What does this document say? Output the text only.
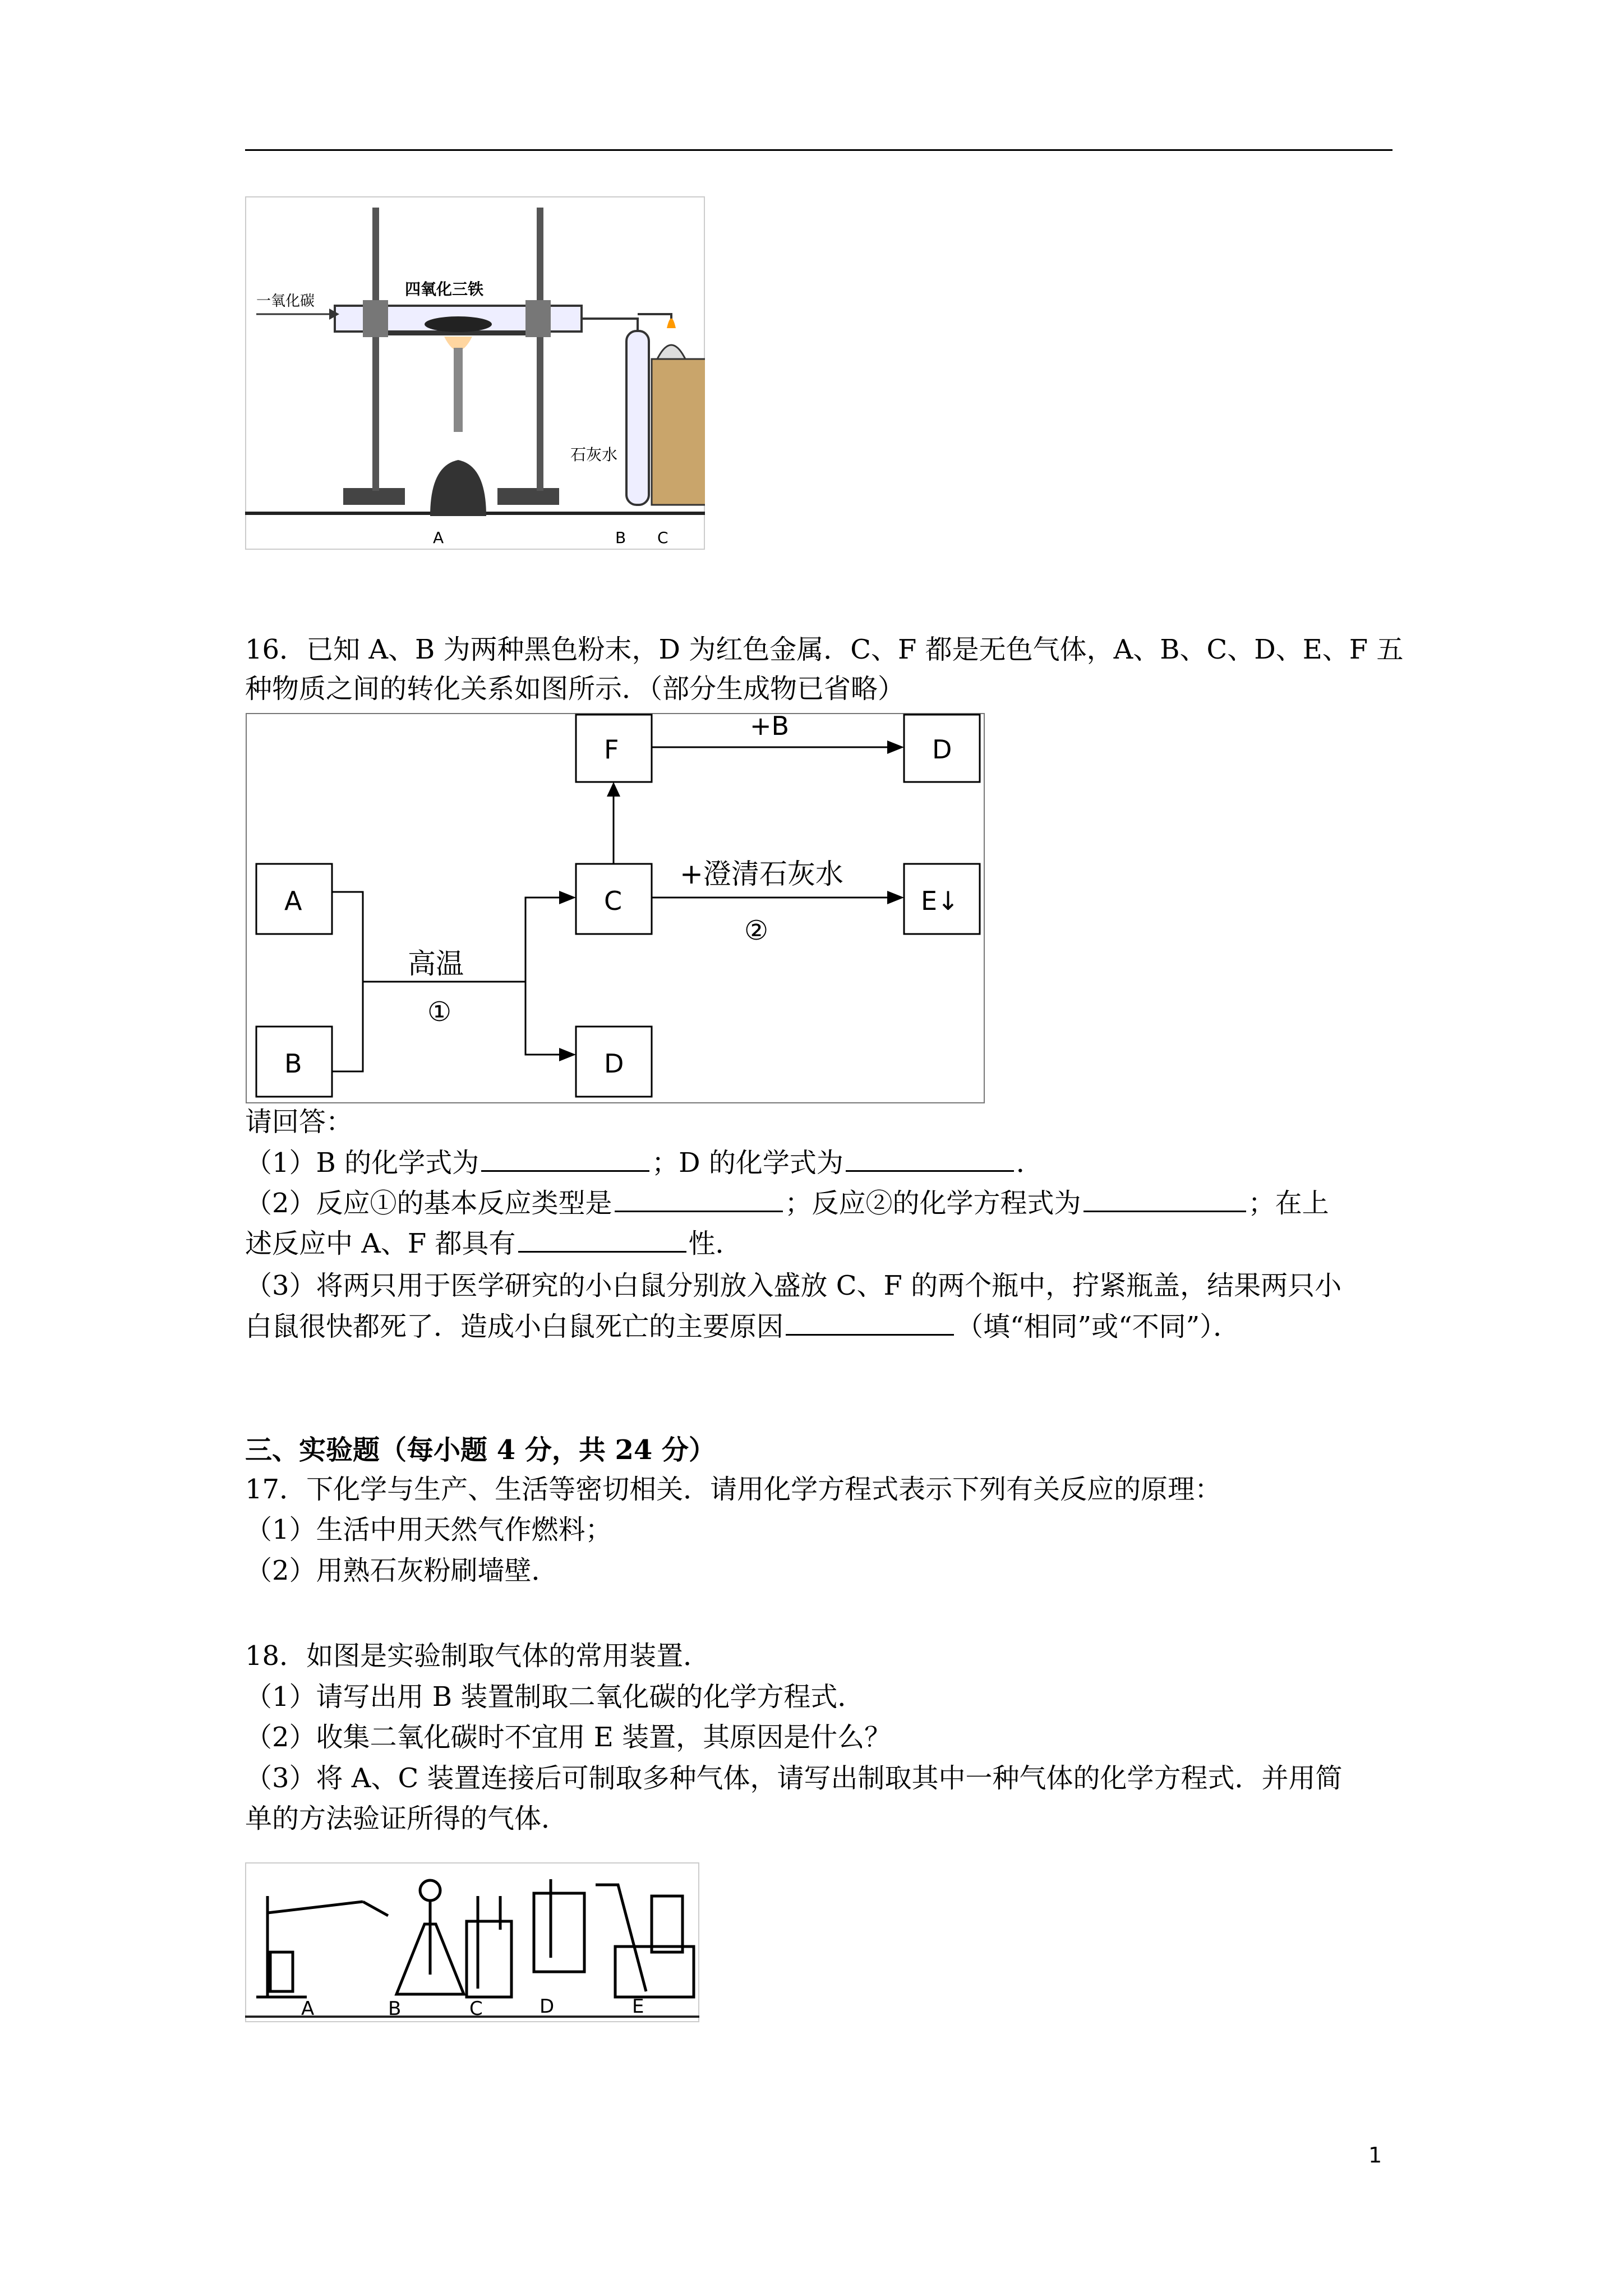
一氧化碳
四氧化三铁
石灰水
A	B C
16．已知 A、B 为两种黑色粉末，D 为红色金属．C、F 都是无色气体，A、B、C、D、E、F 五
种物质之间的转化关系如图所示．（部分生成物已省略）
A
B
C
D
F	D
E↓
高温
①
+B
+澄清石灰水
②
请回答：
（1）B 的化学式为	；D 的化学式为	．
（2）反应①的基本反应类型是	；反应②的化学方程式为	；在上
述反应中 A、F 都具有	性．
（3）将两只用于医学研究的小白鼠分别放入盛放 C、F 的两个瓶中，拧紧瓶盖，结果两只小
白鼠很快都死了．造成小白鼠死亡的主要原因	（填“相同”或“不同”）．
三、实验题（每小题 4 分，共 24 分）
17．下化学与生产、生活等密切相关．请用化学方程式表示下列有关反应的原理：
（1）生活中用天然气作燃料；
（2）用熟石灰粉刷墙壁．
18．如图是实验制取气体的常用装置．
（1）请写出用 B 装置制取二氧化碳的化学方程式．
（2）收集二氧化碳时不宜用 E 装置，其原因是什么？
（3）将 A、C 装置连接后可制取多种气体，请写出制取其中一种气体的化学方程式．并用简
单的方法验证所得的气体．
A	B	C	D	E
1
